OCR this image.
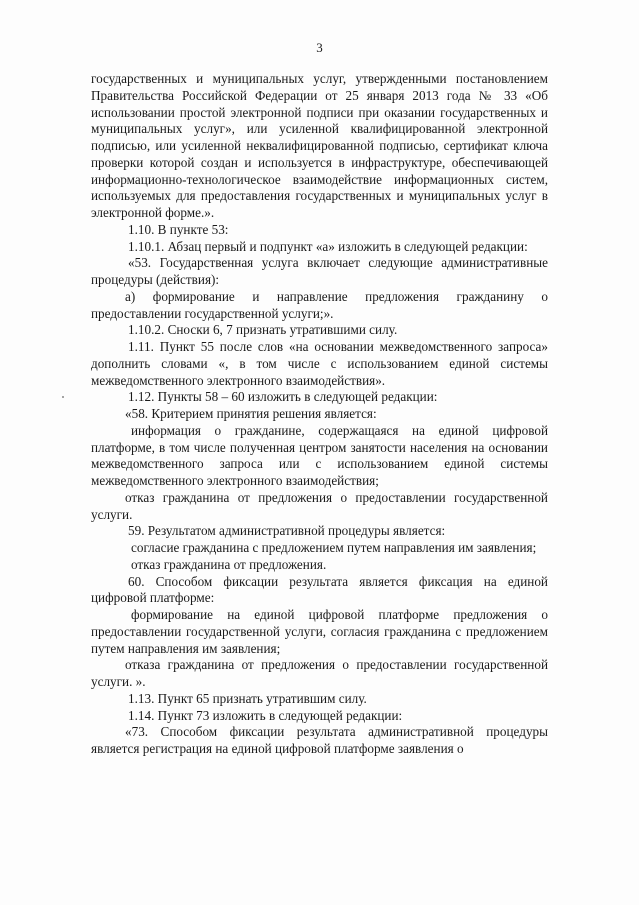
3

государственных и муниципальных услуг, утвержденными постановлением Правительства Российской Федерации от 25 января 2013 года № 33 «Об использовании простой электронной подписи при оказании государственных и муниципальных услуг», или усиленной квалифицированной электронной подписью, или усиленной неквалифицированной подписью, сертификат ключа проверки которой создан и используется в инфраструктуре, обеспечивающей информационно-технологическое взаимодействие информационных систем, используемых для предоставления государственных и муниципальных услуг в электронной форме.».

1.10. В пункте 53:

1.10.1. Абзац первый и подпункт «а» изложить в следующей редакции:

«53. Государственная услуга включает следующие административные процедуры (действия):

а) формирование и направление предложения гражданину о предоставлении государственной услуги;».

1.10.2. Сноски 6, 7 признать утратившими силу.

1.11. Пункт 55 после слов «на основании межведомственного запроса» дополнить словами «, в том числе с использованием единой системы межведомственного электронного взаимодействия».

1.12. Пункты 58 – 60 изложить в следующей редакции:

«58. Критерием принятия решения является:

информация о гражданине, содержащаяся на единой цифровой платформе, в том числе полученная центром занятости населения на основании межведомственного запроса или с использованием единой системы межведомственного электронного взаимодействия;

отказ гражданина от предложения о предоставлении государственной услуги.

59. Результатом административной процедуры является:

согласие гражданина с предложением путем направления им заявления;

отказ гражданина от предложения.

60. Способом фиксации результата является фиксация на единой цифровой платформе:

формирование на единой цифровой платформе предложения о предоставлении государственной услуги, согласия гражданина с предложением путем направления им заявления;

отказа гражданина от предложения о предоставлении государственной услуги. ».

1.13. Пункт 65 признать утратившим силу.

1.14. Пункт 73 изложить в следующей редакции:

«73. Способом фиксации результата административной процедуры является регистрация на единой цифровой платформе заявления о
